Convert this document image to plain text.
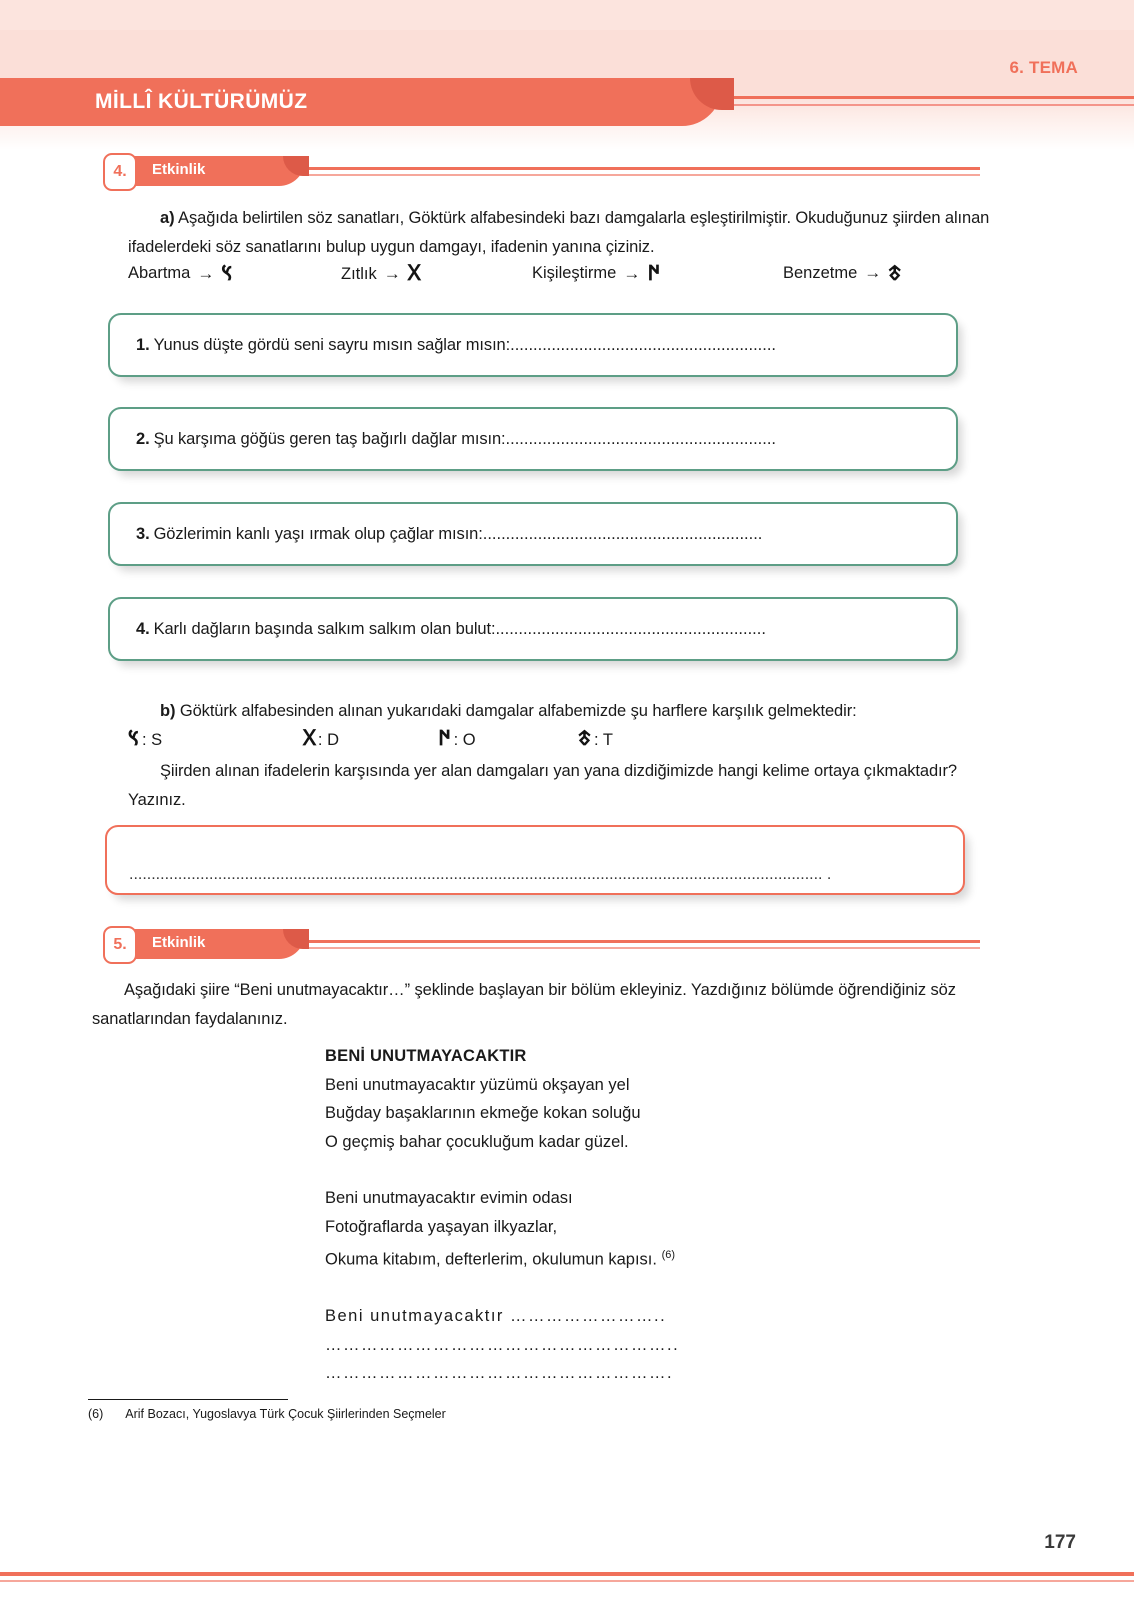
6. TEMA
MİLLÎ KÜLTÜRÜMÜZ
4.	Etkinlik
a) Aşağıda belirtilen söz sanatları, Göktürk alfabesindeki bazı damgalarla eşleştirilmiştir. Okuduğunuz şiirden alınan ifadelerdeki söz sanatlarını bulup uygun damgayı, ifadenin yanına çiziniz.
Abartma → 𐰽	Zıtlık → 𐰓	Kişileştirme → 𐰇	Benzetme → 𐱃
1. Yunus düşte gördü seni sayru mısın sağlar mısın: ..........................................................
2. Şu karşıma göğüs geren taş bağırlı dağlar mısın: ...........................................................
3. Gözlerimin kanlı yaşı ırmak olup çağlar mısın: .............................................................
4. Karlı dağların başında salkım salkım olan bulut: ...........................................................
b) Göktürk alfabesinden alınan yukarıdaki damgalar alfabemizde şu harflere karşılık gelmektedir:
𐰽 : S	𐰓 : D	𐰇 : O	𐱃 : T
Şiirden alınan ifadelerin karşısında yer alan damgaları yan yana dizdiğimizde hangi kelime ortaya çıkmaktadır? Yazınız.
............................................................................................................................................................ .
5.	Etkinlik
Aşağıdaki şiire “Beni unutmayacaktır…” şeklinde başlayan bir bölüm ekleyiniz. Yazdığınız bölümde öğrendiğiniz söz sanatlarından faydalanınız.
BENİ UNUTMAYACAKTIR
Beni unutmayacaktır yüzümü okşayan yel
Buğday başaklarının ekmeğe kokan soluğu
O geçmiş bahar çocukluğum kadar güzel.
Beni unutmayacaktır evimin odası
Fotoğraflarda yaşayan ilkyazlar,
Okuma kitabım, defterlerim, okulumun kapısı. $^{(6)}$
Beni unutmayacaktır ……………………..
…………………………………………………..
………………………………………………….
(6) Arif Bozacı, Yugoslavya Türk Çocuk Şiirlerinden Seçmeler
177
